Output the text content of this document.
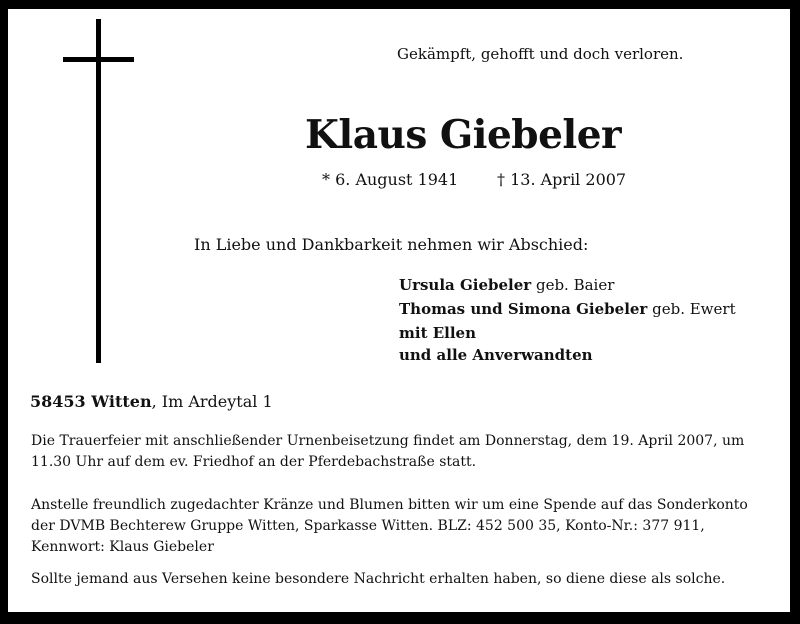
Gekämpft, gehofft und doch verloren.
Klaus Giebeler
* 6. August 1941 † 13. April 2007
In Liebe und Dankbarkeit nehmen wir Abschied:
Ursula Giebeler geb. Baier
Thomas und Simona Giebeler geb. Ewert
mit Ellen
und alle Anverwandten
58453 Witten, Im Ardeytal 1
Die Trauerfeier mit anschließender Urnenbeisetzung findet am Donnerstag, dem 19. April 2007, um 11.30 Uhr auf dem ev. Friedhof an der Pferdebachstraße statt.
Anstelle freundlich zugedachter Kränze und Blumen bitten wir um eine Spende auf das Sonderkonto der DVMB Bechterew Gruppe Witten, Sparkasse Witten. BLZ: 452 500 35, Konto-Nr.: 377 911, Kennwort: Klaus Giebeler
Sollte jemand aus Versehen keine besondere Nachricht erhalten haben, so diene diese als solche.
